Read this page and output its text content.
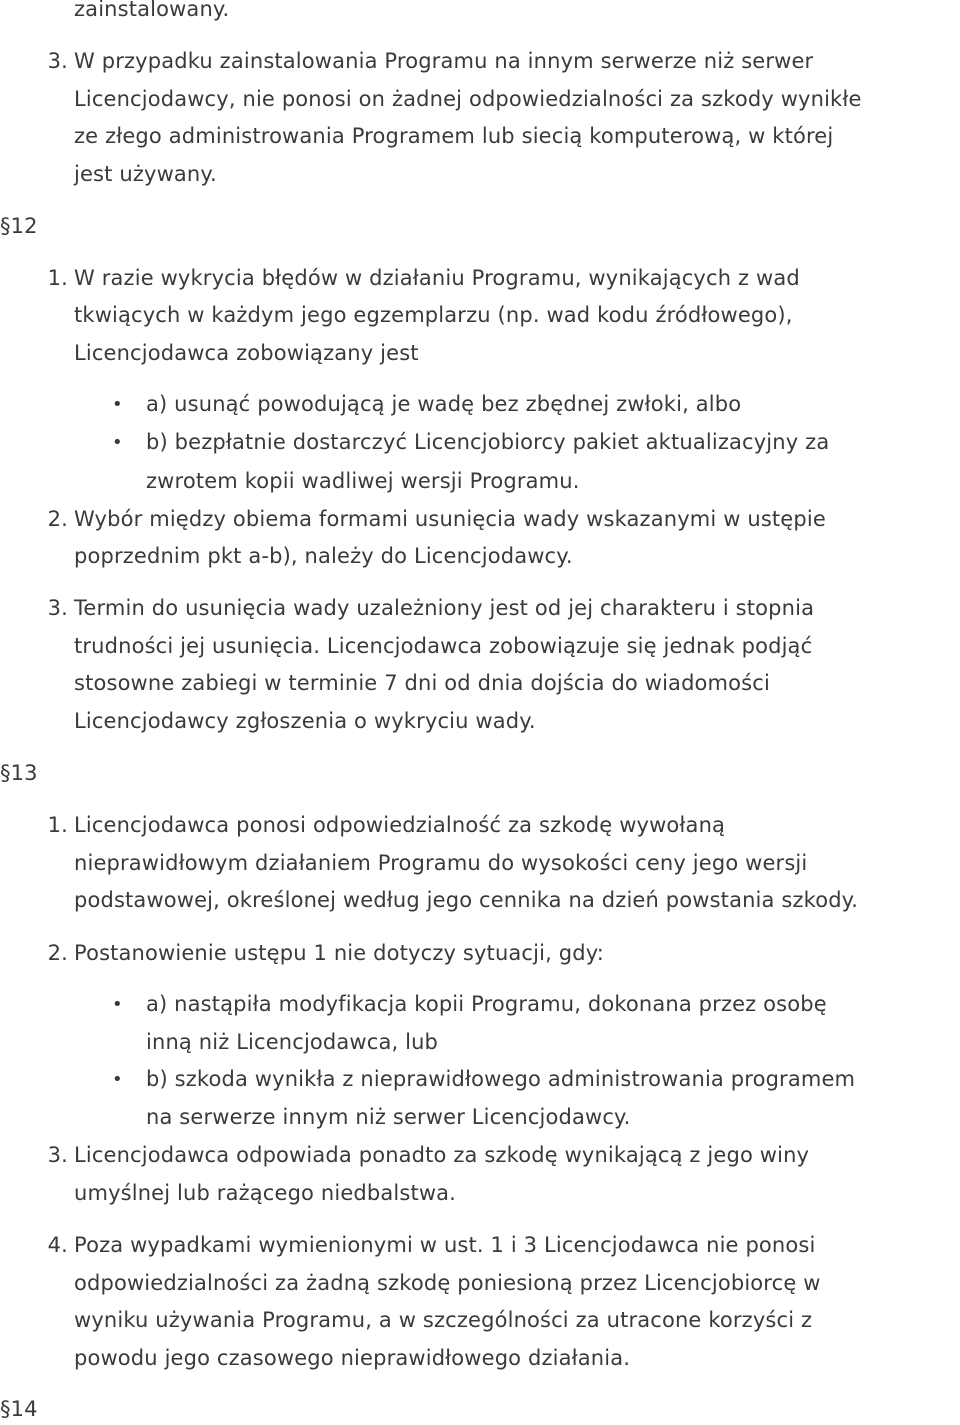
zainstalowany.
3. W przypadku zainstalowania Programu na innym serwerze niż serwer
Licencjodawcy, nie ponosi on żadnej odpowiedzialności za szkody wynikłe
ze złego administrowania Programem lub siecią komputerową, w której
jest używany.
§12
1. W razie wykrycia błędów w działaniu Programu, wynikających z wad
tkwiących w każdym jego egzemplarzu (np. wad kodu źródłowego),
Licencjodawca zobowiązany jest
• a) usunąć powodującą je wadę bez zbędnej zwłoki, albo
• b) bezpłatnie dostarczyć Licencjobiorcy pakiet aktualizacyjny za
zwrotem kopii wadliwej wersji Programu.
2. Wybór między obiema formami usunięcia wady wskazanymi w ustępie
poprzednim pkt a-b), należy do Licencjodawcy.
3. Termin do usunięcia wady uzależniony jest od jej charakteru i stopnia
trudności jej usunięcia. Licencjodawca zobowiązuje się jednak podjąć
stosowne zabiegi w terminie 7 dni od dnia dojścia do wiadomości
Licencjodawcy zgłoszenia o wykryciu wady.
§13
1. Licencjodawca ponosi odpowiedzialność za szkodę wywołaną
nieprawidłowym działaniem Programu do wysokości ceny jego wersji
podstawowej, określonej według jego cennika na dzień powstania szkody.
2. Postanowienie ustępu 1 nie dotyczy sytuacji, gdy:
• a) nastąpiła modyfikacja kopii Programu, dokonana przez osobę
inną niż Licencjodawca, lub
• b) szkoda wynikła z nieprawidłowego administrowania programem
na serwerze innym niż serwer Licencjodawcy.
3. Licencjodawca odpowiada ponadto za szkodę wynikającą z jego winy
umyślnej lub rażącego niedbalstwa.
4. Poza wypadkami wymienionymi w ust. 1 i 3 Licencjodawca nie ponosi
odpowiedzialności za żadną szkodę poniesioną przez Licencjobiorcę w
wyniku używania Programu, a w szczególności za utracone korzyści z
powodu jego czasowego nieprawidłowego działania.
§14
